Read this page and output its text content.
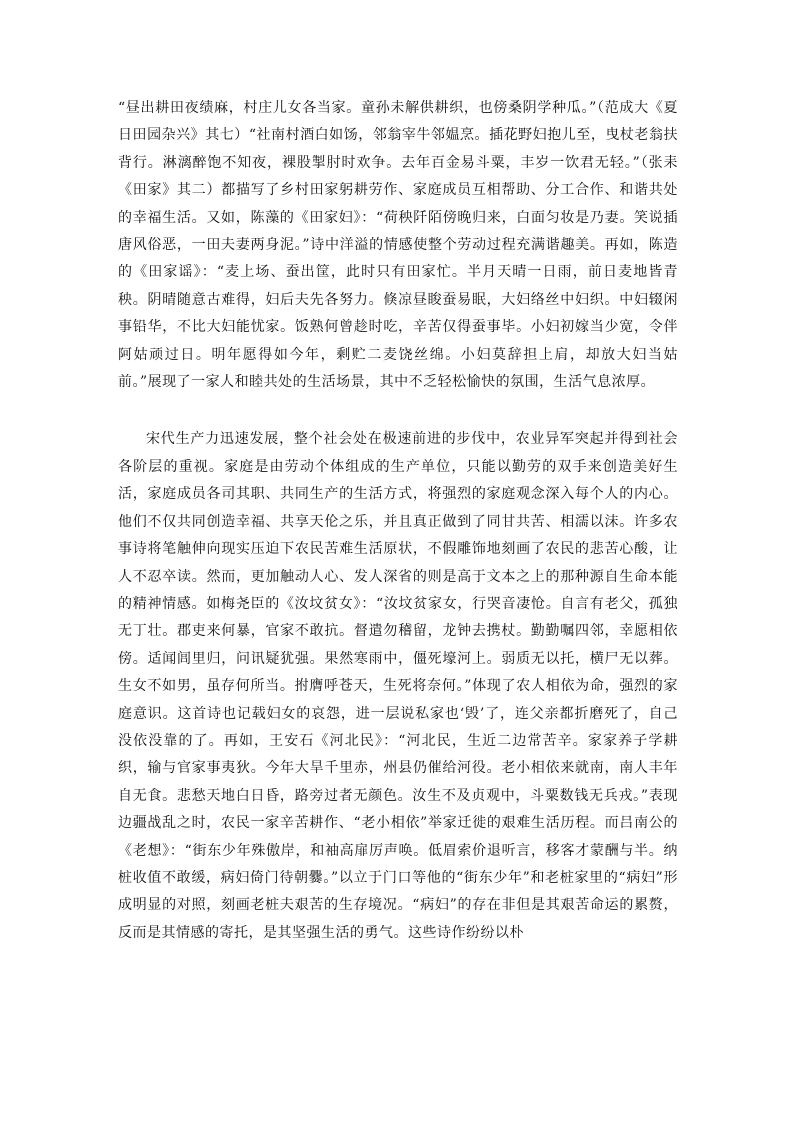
“昼出耕田夜绩麻，村庄儿女各当家。童孙未解供耕织，也傍桑阴学种瓜。”（范成大《夏日田园杂兴》其七）“社南村酒白如饧，邻翁宰牛邻媪烹。插花野妇抱儿至，曳杖老翁扶背行。淋漓醉饱不知夜，裸股掣肘时欢争。去年百金易斗粟，丰岁一饮君无轻。”（张耒《田家》其二）都描写了乡村田家躬耕劳作、家庭成员互相帮助、分工合作、和谐共处的幸福生活。又如，陈藻的《田家妇》：“荷秧阡陌傍晚归来，白面匀妆是乃妻。笑说插唐风俗恶，一田夫妻两身泥。”诗中洋溢的情感使整个劳动过程充满谐趣美。再如，陈造的《田家谣》：“麦上场、蚕出筐，此时只有田家忙。半月天晴一日雨，前日麦地皆青秧。阴晴随意古难得，妇后夫先各努力。倏凉昼睃蚕易眠，大妇络丝中妇织。中妇辍闲事铅华，不比大妇能忧家。饭熟何曾趁时吃，辛苦仅得蚕事毕。小妇初嫁当少宽，令伴阿姑顽过日。明年愿得如今年，剩贮二麦饶丝绵。小妇莫辞担上肩，却放大妇当姑前。”展现了一家人和睦共处的生活场景，其中不乏轻松愉快的氛围，生活气息浓厚。

宋代生产力迅速发展，整个社会处在极速前进的步伐中，农业异军突起并得到社会各阶层的重视。家庭是由劳动个体组成的生产单位，只能以勤劳的双手来创造美好生活，家庭成员各司其职、共同生产的生活方式，将强烈的家庭观念深入每个人的内心。他们不仅共同创造幸福、共享天伦之乐，并且真正做到了同甘共苦、相濡以沫。许多农事诗将笔触伸向现实压迫下农民苦难生活原状，不假雕饰地刻画了农民的悲苦心酸，让人不忍卒读。然而，更加触动人心、发人深省的则是高于文本之上的那种源自生命本能的精神情感。如梅尧臣的《汝坟贫女》：“汝坟贫家女，行哭音凄怆。自言有老父，孤独无丁壮。郡吏来何暴，官家不敢抗。督遣勿稽留，龙钟去携杖。勤勤嘱四邻，幸愿相依傍。适闻闾里归，问讯疑犹强。果然寒雨中，僵死壕河上。弱质无以托，横尸无以葬。生女不如男，虽存何所当。拊膺呼苍天，生死将奈何。”体现了农人相依为命，强烈的家庭意识。这首诗也记载妇女的哀怨，进一层说私家也‘毁’了，连父亲都折磨死了，自己没依没靠的了。再如，王安石《河北民》：“河北民，生近二边常苦辛。家家养子学耕织，输与官家事夷狄。今年大旱千里赤，州县仍催给河役。老小相依来就南，南人丰年自无食。悲愁天地白日昏，路旁过者无颜色。汝生不及贞观中，斗粟数钱无兵戎。”表现边疆战乱之时，农民一家辛苦耕作、“老小相依”举家迁徙的艰难生活历程。而吕南公的《老想》：“街东少年殊傲岸，和袖高扉厉声唤。低眉索价退听言，移客才蒙酬与半。纳桩收值不敢缓，病妇倚门待朝爨。”以立于门口等他的“街东少年”和老桩家里的“病妇”形成明显的对照，刻画老桩夫艰苦的生存境况。“病妇”的存在非但是其艰苦命运的累赘，反而是其情感的寄托，是其坚强生活的勇气。这些诗作纷纷以朴
